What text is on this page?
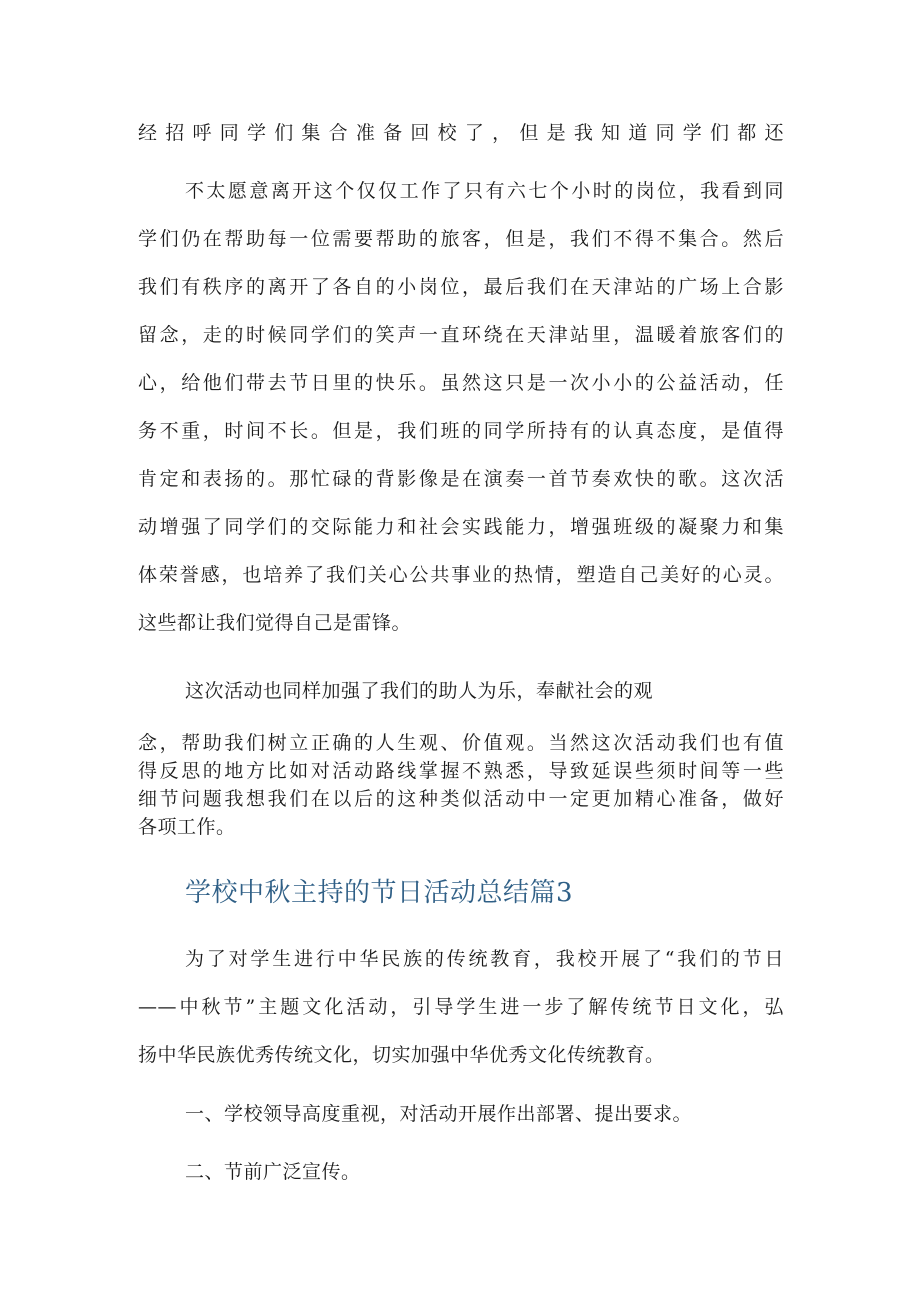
经招呼同学们集合准备回校了，但是我知道同学们都还
不太愿意离开这个仅仅工作了只有六七个小时的岗位，我看到同
学们仍在帮助每一位需要帮助的旅客，但是，我们不得不集合。然后
我们有秩序的离开了各自的小岗位，最后我们在天津站的广场上合影
留念，走的时候同学们的笑声一直环绕在天津站里，温暖着旅客们的
心，给他们带去节日里的快乐。虽然这只是一次小小的公益活动，任
务不重，时间不长。但是，我们班的同学所持有的认真态度，是值得
肯定和表扬的。那忙碌的背影像是在演奏一首节奏欢快的歌。这次活
动增强了同学们的交际能力和社会实践能力，增强班级的凝聚力和集
体荣誉感，也培养了我们关心公共事业的热情，塑造自己美好的心灵。
这些都让我们觉得自己是雷锋。
这次活动也同样加强了我们的助人为乐，奉献社会的观
念，帮助我们树立正确的人生观、价值观。当然这次活动我们也有值
得反思的地方比如对活动路线掌握不熟悉，导致延误些须时间等一些
细节问题我想我们在以后的这种类似活动中一定更加精心准备，做好
各项工作。
学校中秋主持的节日活动总结篇3
为了对学生进行中华民族的传统教育，我校开展了“我们的节日
——中秋节”主题文化活动，引导学生进一步了解传统节日文化，弘
扬中华民族优秀传统文化，切实加强中华优秀文化传统教育。
一、学校领导高度重视，对活动开展作出部署、提出要求。
二、节前广泛宣传。
